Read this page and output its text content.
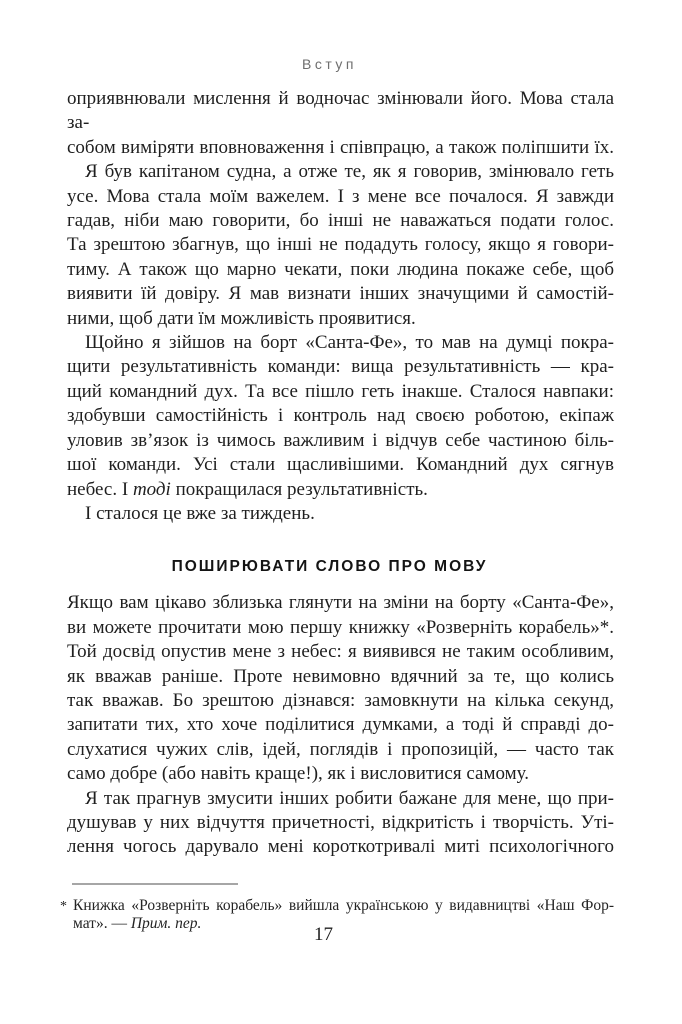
Вступ
оприявнювали мислення й водночас змінювали його. Мова стала за-
собом виміряти вповноваження і співпрацю, а також поліпшити їх.
Я був капітаном судна, а отже те, як я говорив, змінювало геть
усе. Мова стала моїм важелем. І з мене все почалося. Я завжди
гадав, ніби маю говорити, бо інші не наважаться подати голос.
Та зрештою збагнув, що інші не подадуть голосу, якщо я говори-
тиму. А також що марно чекати, поки людина покаже себе, щоб
виявити їй довіру. Я мав визнати інших значущими й самостій-
ними, щоб дати їм можливість проявитися.
Щойно я зійшов на борт «Санта-Фе», то мав на думці покра-
щити результативність команди: вища результативність — кра-
щий командний дух. Та все пішло геть інакше. Сталося навпаки:
здобувши самостійність і контроль над своєю роботою, екіпаж
уловив зв’язок із чимось важливим і відчув себе частиною біль-
шої команди. Усі стали щасливішими. Командний дух сягнув
небес. І тоді покращилася результативність.
І сталося це вже за тиждень.
ПОШИРЮВАТИ СЛОВО ПРО МОВУ
Якщо вам цікаво зблизька глянути на зміни на борту «Санта-Фе»,
ви можете прочитати мою першу книжку «Розверніть корабель»*.
Той досвід опустив мене з небес: я виявився не таким особливим,
як вважав раніше. Проте невимовно вдячний за те, що колись
так вважав. Бо зрештою дізнався: замовкнути на кілька секунд,
запитати тих, хто хоче поділитися думками, а тоді й справді до-
слухатися чужих слів, ідей, поглядів і пропозицій, — часто так
само добре (або навіть краще!), як і висловитися самому.
Я так прагнув змусити інших робити бажане для мене, що при-
душував у них відчуття причетності, відкритість і творчість. Уті-
лення чогось дарувало мені короткотривалі миті психологічного
* Книжка «Розверніть корабель» вийшла українською у видавництві «Наш Фор-
мат». — Прим. пер.
17
